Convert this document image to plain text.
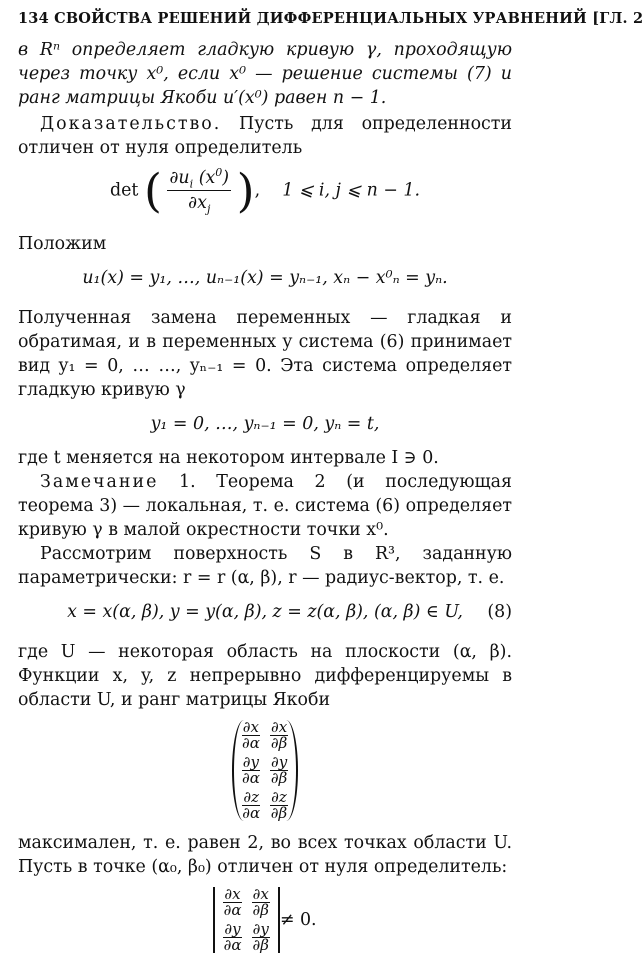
134 СВОЙСТВА РЕШЕНИЙ ДИФФЕРЕНЦИАЛЬНЫХ УРАВНЕНИЙ [ГЛ. 2

в Rⁿ определяет гладкую кривую γ, проходящую через точку x⁰, если x⁰ — решение системы (7) и ранг матрицы Якоби u′(x⁰) равен n − 1.

Доказательство. Пусть для определенности отличен от нуля определитель

det ( $\frac{\partial u_i (x^0)}{\partial x_j}$ ),    1 ⩽ i, j ⩽ n − 1.

Положим

u₁(x) = y₁, …, uₙ₋₁(x) = yₙ₋₁, xₙ − x⁰ₙ = yₙ.

Полученная замена переменных — гладкая и обратимая, и в переменных y система (6) принимает вид y₁ = 0, … …, yₙ₋₁ = 0. Эта система определяет гладкую кривую γ

y₁ = 0, …, yₙ₋₁ = 0, yₙ = t,

где t меняется на некотором интервале I ∋ 0.

Замечание 1. Теорема 2 (и последующая теорема 3) — локальная, т. е. система (6) определяет кривую γ в малой окрестности точки x⁰.

Рассмотрим поверхность S в R³, заданную параметрически: r = r (α, β), r — радиус-вектор, т. е.

x = x(α, β), y = y(α, β), z = z(α, β), (α, β) ∈ U, (8)

где U — некоторая область на плоскости (α, β). Функции x, y, z непрерывно дифференцируемы в области U, и ранг матрицы Якоби

$\frac{\partial x}{\partial\alpha} \frac{\partial x}{\partial\beta}$
$\frac{\partial y}{\partial\alpha} \frac{\partial y}{\partial\beta}$
$\frac{\partial z}{\partial\alpha} \frac{\partial z}{\partial\beta}$

максимален, т. е. равен 2, во всех точках области U. Пусть в точке (α₀, β₀) отличен от нуля определитель:

$\frac{\partial x}{\partial\alpha} \frac{\partial x}{\partial\beta}$
$\frac{\partial y}{\partial\alpha} \frac{\partial y}{\partial\beta}$
≠ 0.
